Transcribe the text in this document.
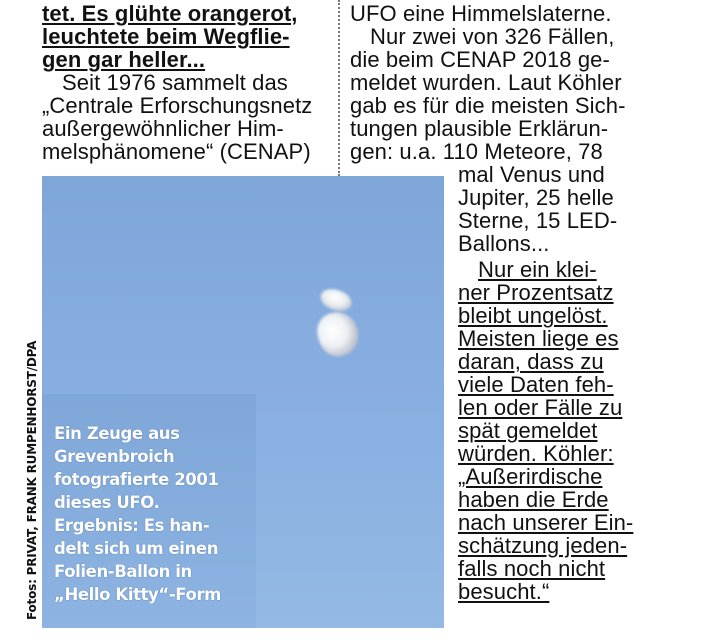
tet. Es glühte orangerot,
leuchtete beim Wegflie-
gen gar heller...
Seit 1976 sammelt das
„Centrale Erforschungsnetz
außergewöhnlicher Him-
melsphänomene“ (CENAP)
UFO eine Himmelslaterne.
Nur zwei von 326 Fällen,
die beim CENAP 2018 ge-
meldet wurden. Laut Köhler
gab es für die meisten Sich-
tungen plausible Erklärun-
gen: u.a. 110 Meteore, 78
mal Venus und
Jupiter, 25 helle
Sterne, 15 LED-
Ballons...
Nur ein klei-
ner Prozentsatz
bleibt ungelöst.
Meisten liege es
daran, dass zu
viele Daten feh-
len oder Fälle zu
spät gemeldet
würden. Köhler:
„Außerirdische
haben die Erde
nach unserer Ein-
schätzung jeden-
falls noch nicht
besucht.“
Ein Zeuge aus
Grevenbroich
fotografierte 2001
dieses UFO.
Ergebnis: Es han-
delt sich um einen
Folien-Ballon in
„Hello Kitty“-Form
Fotos: PRIVAT, FRANK RUMPENHORST/DPA
